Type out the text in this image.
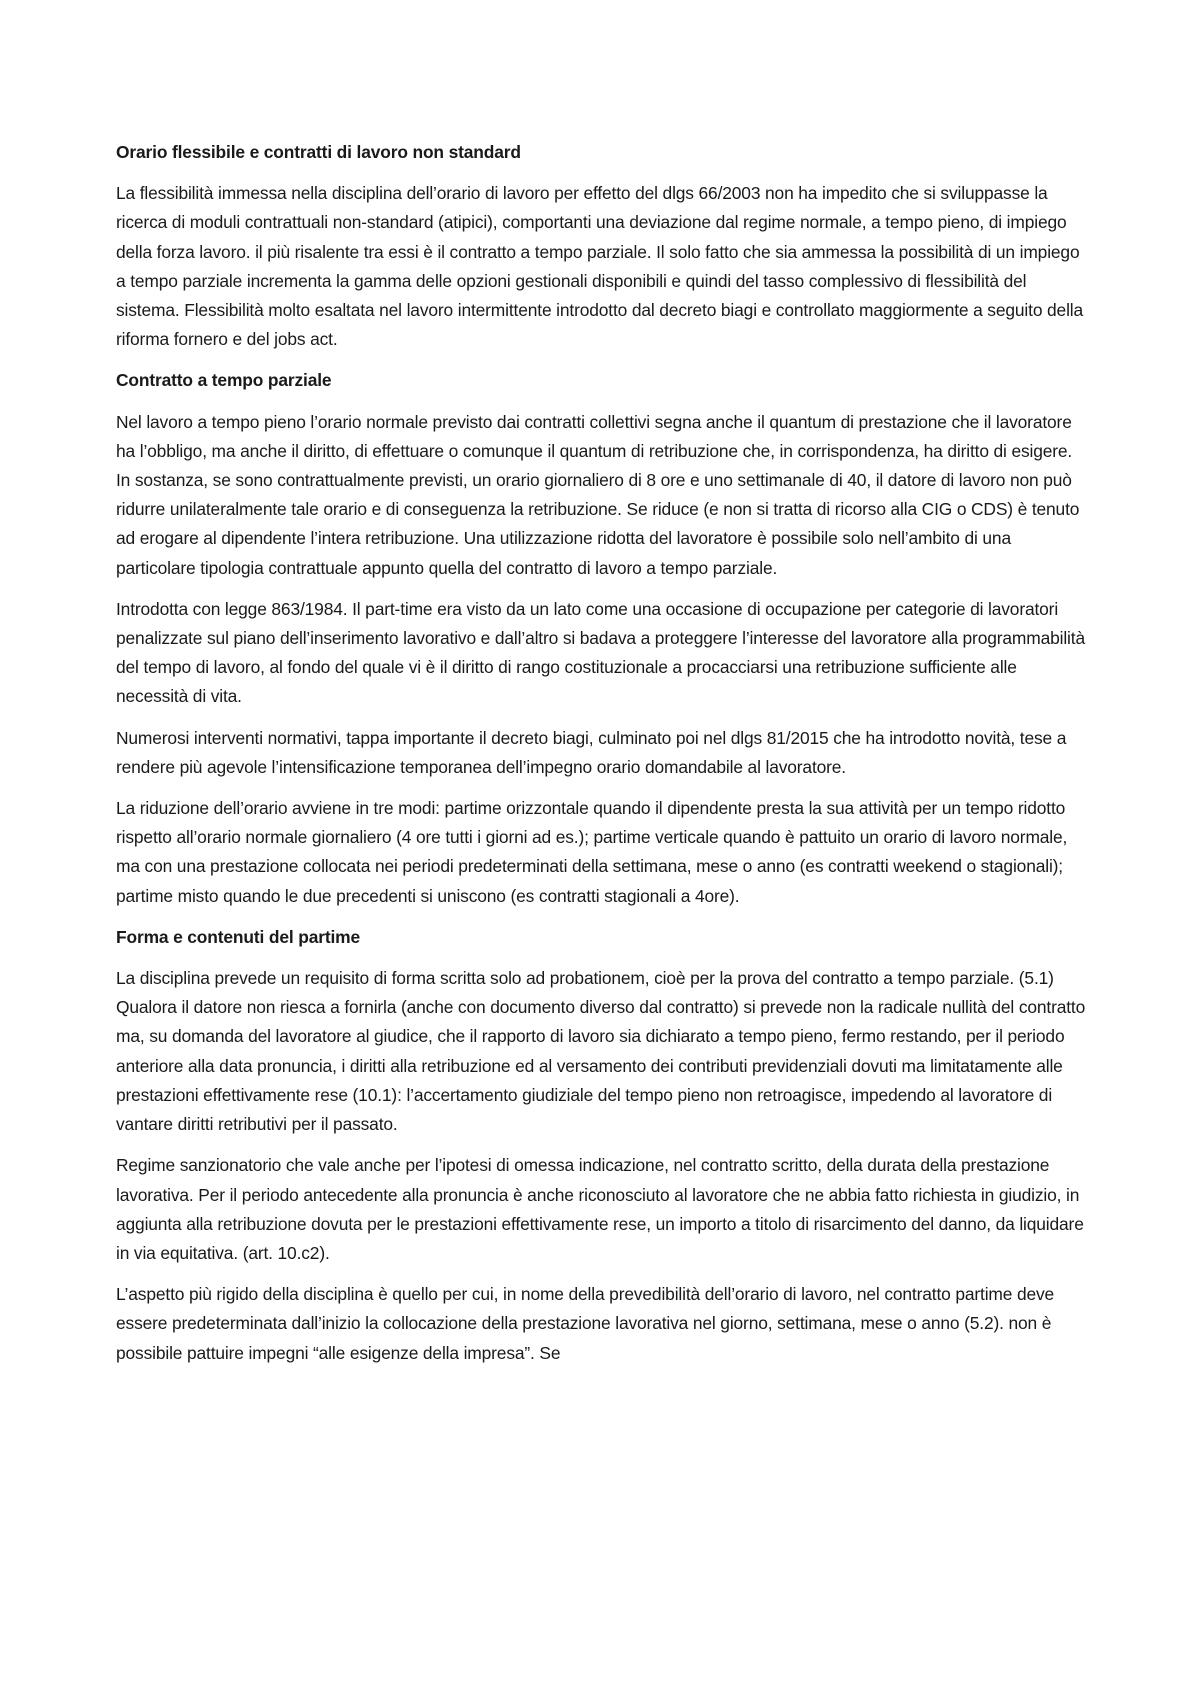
Orario flessibile e contratti di lavoro non standard

La flessibilità immessa nella disciplina dell’orario di lavoro per effetto del dlgs 66/2003 non ha impedito che si sviluppasse la ricerca di moduli contrattuali non-standard (atipici), comportanti una deviazione dal regime normale, a tempo pieno, di impiego della forza lavoro. il più risalente tra essi è il contratto a tempo parziale. Il solo fatto che sia ammessa la possibilità di un impiego a tempo parziale incrementa la gamma delle opzioni gestionali disponibili e quindi del tasso complessivo di flessibilità del sistema. Flessibilità molto esaltata nel lavoro intermittente introdotto dal decreto biagi e controllato maggiormente a seguito della riforma fornero e del jobs act.

Contratto a tempo parziale

Nel lavoro a tempo pieno l’orario normale previsto dai contratti collettivi segna anche il quantum di prestazione che il lavoratore ha l’obbligo, ma anche il diritto, di effettuare o comunque il quantum di retribuzione che, in corrispondenza, ha diritto di esigere. In sostanza, se sono contrattualmente previsti, un orario giornaliero di 8 ore e uno settimanale di 40, il datore di lavoro non può ridurre unilateralmente tale orario e di conseguenza la retribuzione. Se riduce (e non si tratta di ricorso alla CIG o CDS) è tenuto ad erogare al dipendente l’intera retribuzione. Una utilizzazione ridotta del lavoratore è possibile solo nell’ambito di una particolare tipologia contrattuale appunto quella del contratto di lavoro a tempo parziale.

Introdotta con legge 863/1984. Il part-time era visto da un lato come una occasione di occupazione per categorie di lavoratori penalizzate sul piano dell’inserimento lavorativo e dall’altro si badava a proteggere l’interesse del lavoratore alla programmabilità del tempo di lavoro, al fondo del quale vi è il diritto di rango costituzionale a procacciarsi una retribuzione sufficiente alle necessità di vita.

Numerosi interventi normativi, tappa importante il decreto biagi, culminato poi nel dlgs 81/2015 che ha introdotto novità, tese a rendere più agevole l’intensificazione temporanea dell’impegno orario domandabile al lavoratore.

La riduzione dell’orario avviene in tre modi: partime orizzontale quando il dipendente presta la sua attività per un tempo ridotto rispetto all’orario normale giornaliero (4 ore tutti i giorni ad es.); partime verticale quando è pattuito un orario di lavoro normale, ma con una prestazione collocata nei periodi predeterminati della settimana, mese o anno (es contratti weekend o stagionali); partime misto quando le due precedenti si uniscono (es contratti stagionali a 4ore).

Forma e contenuti del partime

La disciplina prevede un requisito di forma scritta solo ad probationem, cioè per la prova del contratto a tempo parziale. (5.1) Qualora il datore non riesca a fornirla (anche con documento diverso dal contratto) si prevede non la radicale nullità del contratto ma, su domanda del lavoratore al giudice, che il rapporto di lavoro sia dichiarato a tempo pieno, fermo restando, per il periodo anteriore alla data pronuncia, i diritti alla retribuzione ed al versamento dei contributi previdenziali dovuti ma limitatamente alle prestazioni effettivamente rese (10.1): l’accertamento giudiziale del tempo pieno non retroagisce, impedendo al lavoratore di vantare diritti retributivi per il passato.

Regime sanzionatorio che vale anche per l’ipotesi di omessa indicazione, nel contratto scritto, della durata della prestazione lavorativa. Per il periodo antecedente alla pronuncia è anche riconosciuto al lavoratore che ne abbia fatto richiesta in giudizio, in aggiunta alla retribuzione dovuta per le prestazioni effettivamente rese, un importo a titolo di risarcimento del danno, da liquidare in via equitativa. (art. 10.c2).

L’aspetto più rigido della disciplina è quello per cui, in nome della prevedibilità dell’orario di lavoro, nel contratto partime deve essere predeterminata dall’inizio la collocazione della prestazione lavorativa nel giorno, settimana, mese o anno (5.2). non è possibile pattuire impegni “alle esigenze della impresa”. Se
